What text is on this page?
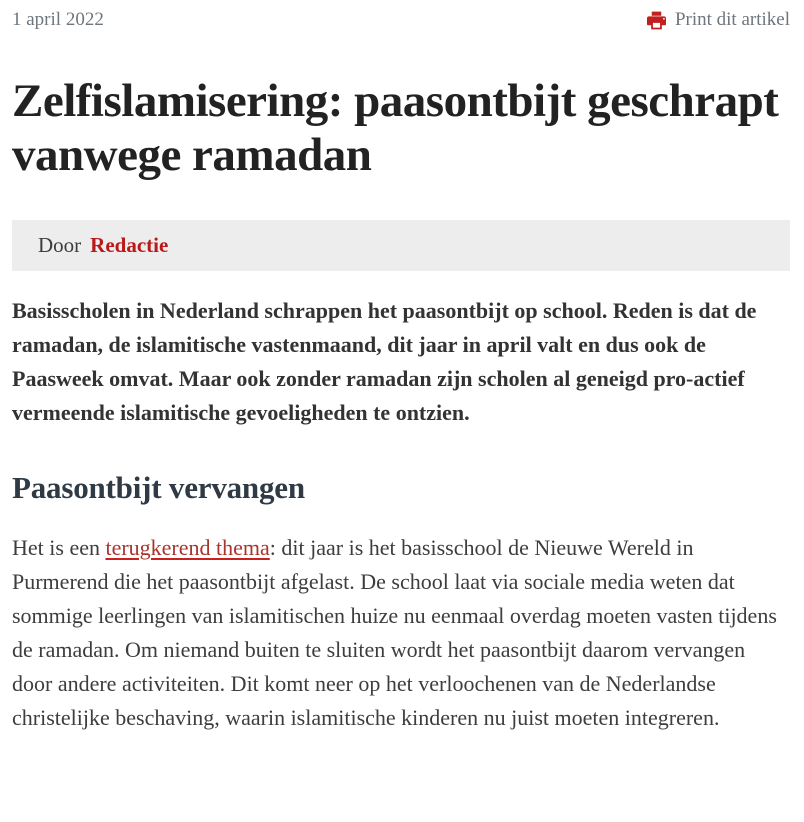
1 april 2022	Print dit artikel
Zelfislamisering: paasontbijt geschrapt vanwege ramadan
Door Redactie

Basisscholen in Nederland schrappen het paasontbijt op school. Reden is dat de ramadan, de islamitische vastenmaand, dit jaar in april valt en dus ook de Paasweek omvat. Maar ook zonder ramadan zijn scholen al geneigd pro-actief vermeende islamitische gevoeligheden te ontzien.

Paasontbijt vervangen

Het is een terugkerend thema: dit jaar is het basisschool de Nieuwe Wereld in Purmerend die het paasontbijt afgelast. De school laat via sociale media weten dat sommige leerlingen van islamitischen huize nu eenmaal overdag moeten vasten tijdens de ramadan. Om niemand buiten te sluiten wordt het paasontbijt daarom vervangen door andere activiteiten. Dit komt neer op het verloochenen van de Nederlandse christelijke beschaving, waarin islamitische kinderen nu juist moeten integreren.
